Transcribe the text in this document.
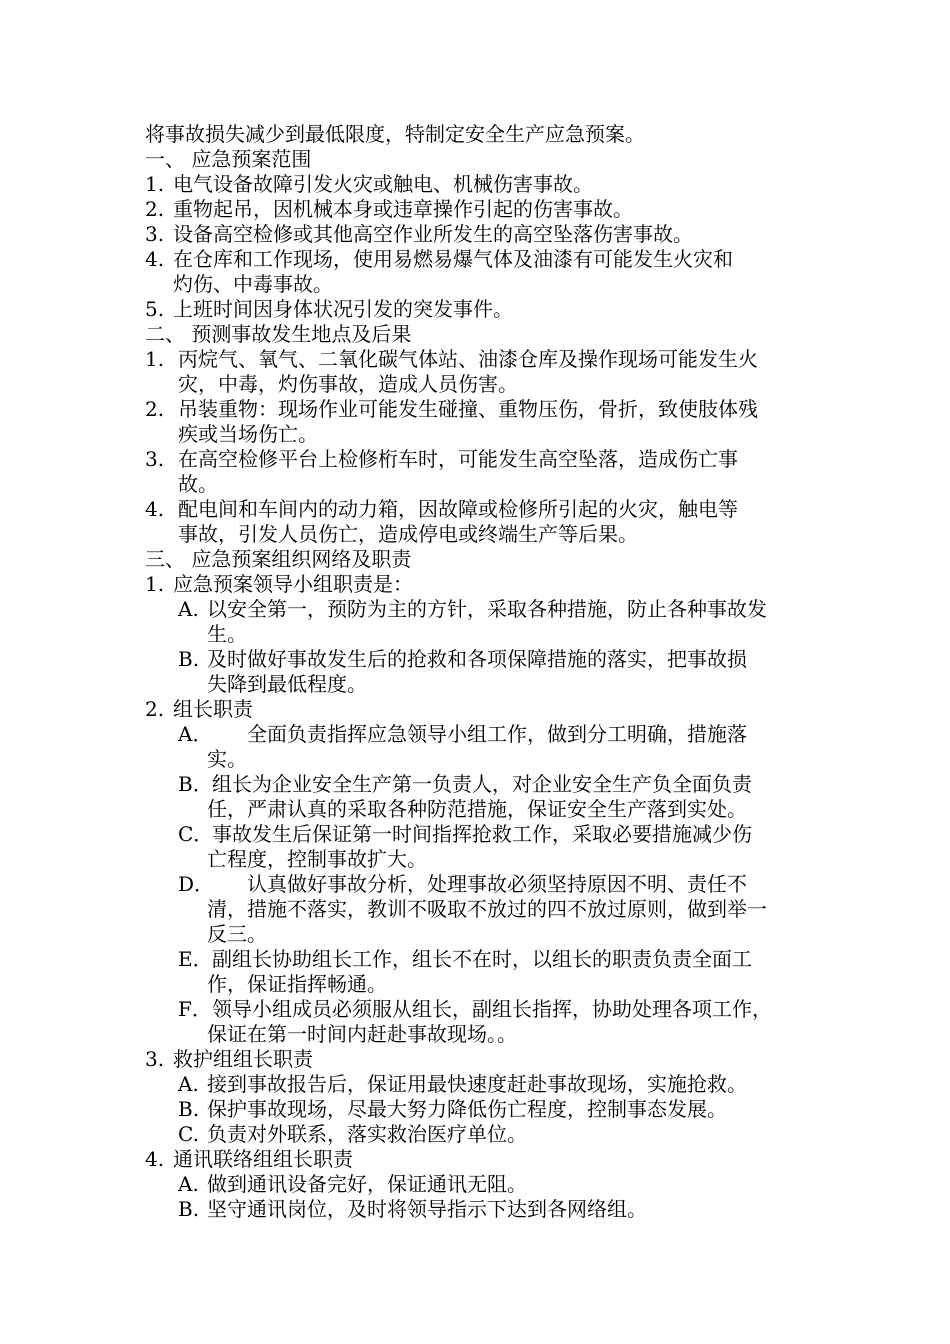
将事故损失减少到最低限度，特制定安全生产应急预案。
一、 应急预案范围
1. 电气设备故障引发火灾或触电、机械伤害事故。
2. 重物起吊，因机械本身或违章操作引起的伤害事故。
3. 设备高空检修或其他高空作业所发生的高空坠落伤害事故。
4. 在仓库和工作现场，使用易燃易爆气体及油漆有可能发生火灾和
灼伤、中毒事故。
5. 上班时间因身体状况引发的突发事件。
二、 预测事故发生地点及后果
1. 丙烷气、氧气、二氧化碳气体站、油漆仓库及操作现场可能发生火
灾，中毒，灼伤事故，造成人员伤害。
2. 吊装重物：现场作业可能发生碰撞、重物压伤，骨折，致使肢体残
疾或当场伤亡。
3. 在高空检修平台上检修桁车时，可能发生高空坠落，造成伤亡事
故。
4. 配电间和车间内的动力箱，因故障或检修所引起的火灾，触电等
事故，引发人员伤亡，造成停电或终端生产等后果。
三、 应急预案组织网络及职责
1. 应急预案领导小组职责是：
A. 以安全第一，预防为主的方针，采取各种措施，防止各种事故发
生。
B. 及时做好事故发生后的抢救和各项保障措施的落实，把事故损
失降到最低程度。
2. 组长职责
A．	全面负责指挥应急领导小组工作，做到分工明确，措施落
实。
B． 组长为企业安全生产第一负责人，对企业安全生产负全面负责
任，严肃认真的采取各种防范措施，保证安全生产落到实处。
C．
事故发生后保证第一时间指挥抢救工作，采取必要措施减少伤
亡程度，控制事故扩大。
D．	认真做好事故分析，处理事故必须坚持原因不明、责任不
清，措施不落实，教训不吸取不放过的四不放过原则，做到举一
反三。
E． 副组长协助组长工作，组长不在时，以组长的职责负责全面工
作，保证指挥畅通。
F． 领导小组成员必须服从组长，副组长指挥，协助处理各项工作，
保证在第一时间内赶赴事故现场。。
3. 救护组组长职责
A. 接到事故报告后，保证用最快速度赶赴事故现场，实施抢救。
B. 保护事故现场，尽最大努力降低伤亡程度，控制事态发展。
C. 负责对外联系，落实救治医疗单位。
4. 通讯联络组组长职责
A. 做到通讯设备完好，保证通讯无阻。
B. 坚守通讯岗位，及时将领导指示下达到各网络组。
